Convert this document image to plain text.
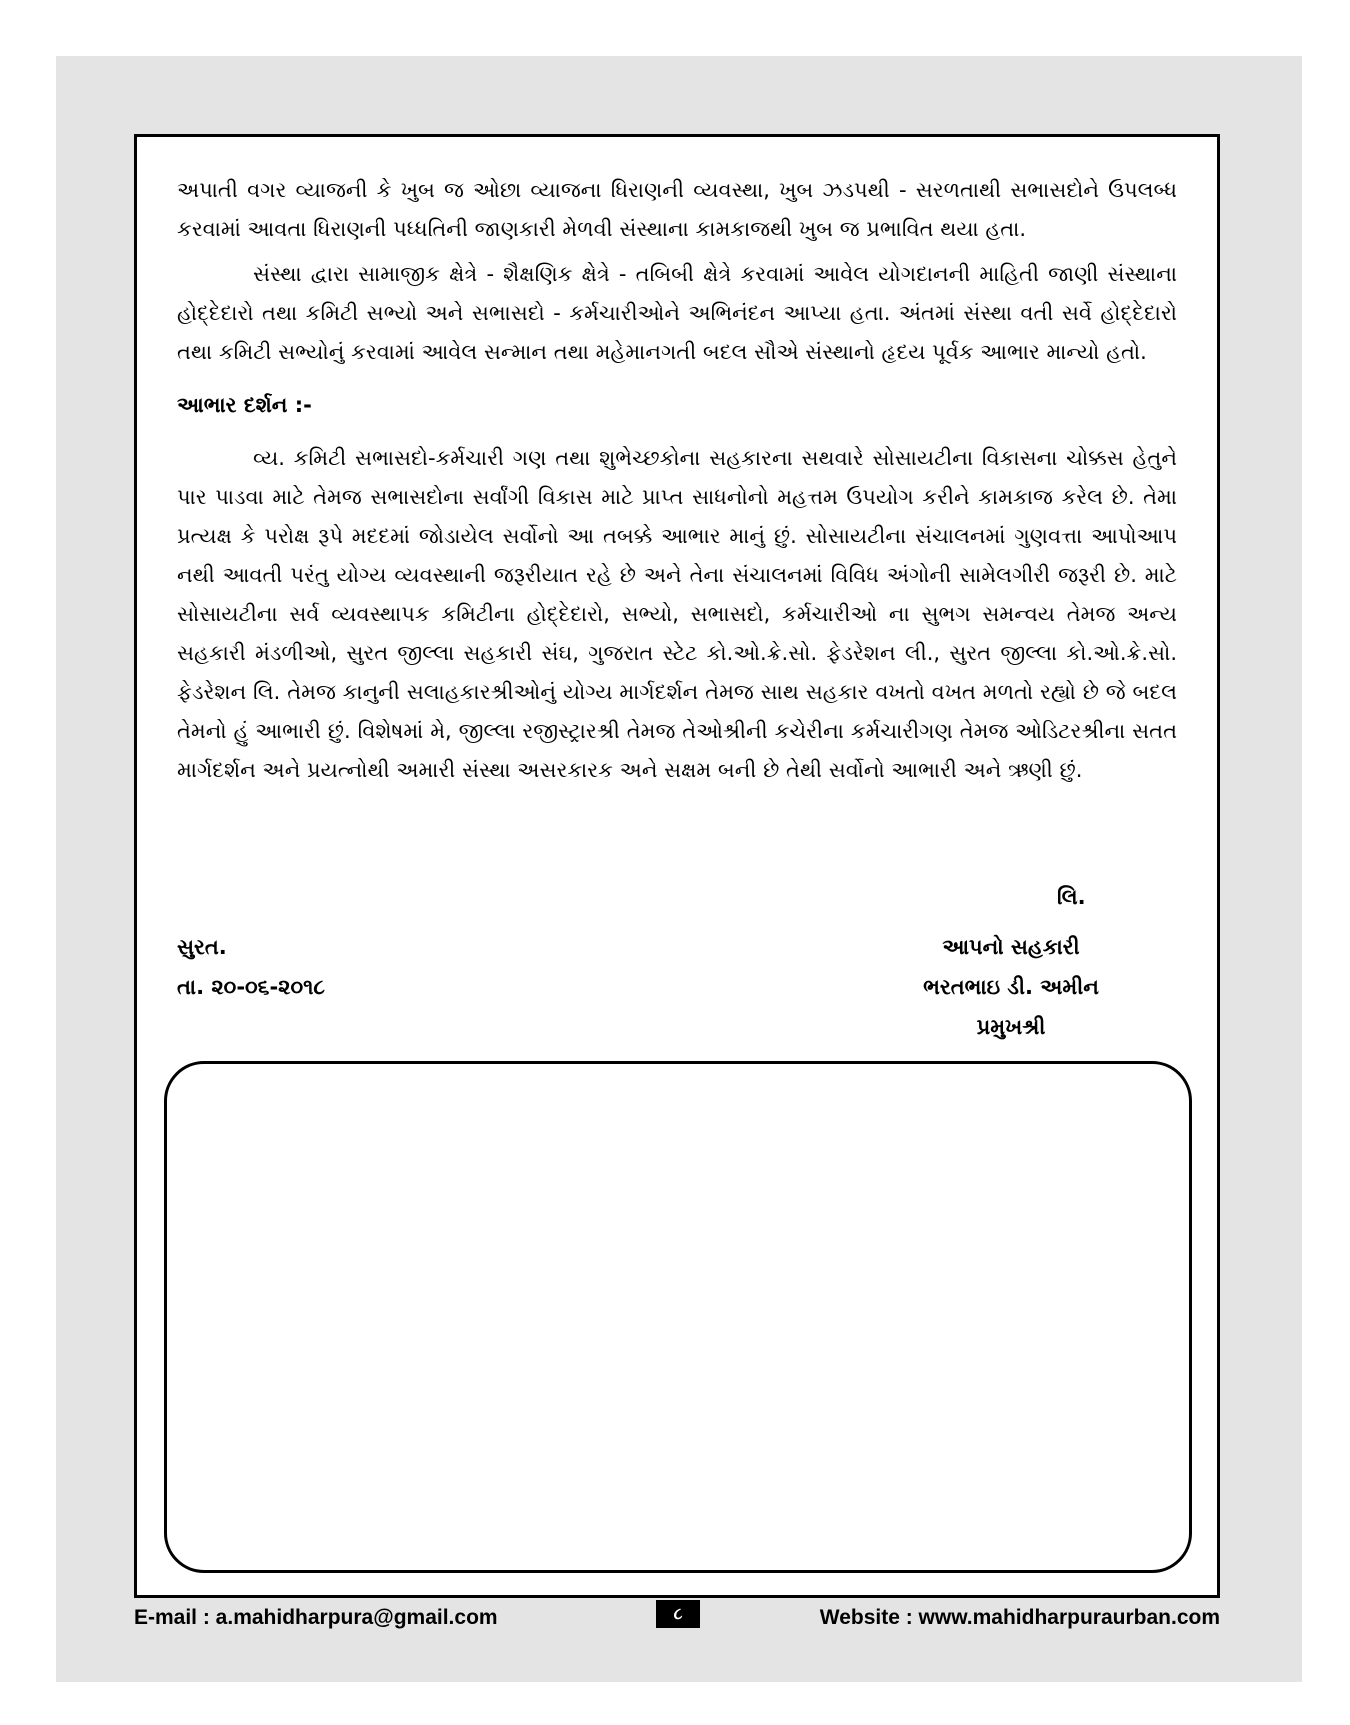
અપાતી વગર વ્યાજની કે ખુબ જ ઓછા વ્યાજના ધિરાણની વ્યવસ્થા, ખુબ ઝડપથી - સરળતાથી સભાસદોને ઉપલબ્ધ કરવામાં આવતા ધિરાણની પધ્ધતિની જાણકારી મેળવી સંસ્થાના કામકાજથી ખુબ જ પ્રભાવિત થયા હતા.

સંસ્થા દ્વારા સામાજીક ક્ષેત્રે - શૈક્ષણિક ક્ષેત્રે - તબિબી ક્ષેત્રે કરવામાં આવેલ યોગદાનની માહિતી જાણી સંસ્થાના હોદ્દેદારો તથા કમિટી સભ્યો અને સભાસદો - કર્મચારીઓને અભિનંદન આપ્યા હતા. અંતમાં સંસ્થા વતી સર્વે હોદ્દેદારો તથા કમિટી સભ્યોનું કરવામાં આવેલ સન્માન તથા મહેમાનગતી બદલ સૌએ સંસ્થાનો હૃદય પૂર્વક આભાર માન્યો હતો.

આભાર દર્શન :-

વ્ય. કમિટી સભાસદો-કર્મચારી ગણ તથા શુભેચ્છકોના સહકારના સથવારે સોસાયટીના વિકાસના ચોક્કસ હેતુને પાર પાડવા માટે તેમજ સભાસદોના સર્વાંગી વિકાસ માટે પ્રાપ્ત સાધનોનો મહત્તમ ઉપયોગ કરીને કામકાજ કરેલ છે. તેમા પ્રત્યક્ષ કે પરોક્ષ રૂપે મદદમાં જોડાયેલ સર્વોનો આ તબક્કે આભાર માનું છું. સોસાયટીના સંચાલનમાં ગુણવત્તા આપોઆપ નથી આવતી પરંતુ યોગ્ય વ્યવસ્થાની જરૂરીયાત રહે છે અને તેના સંચાલનમાં વિવિધ અંગોની સામેલગીરી જરૂરી છે. માટે સોસાયટીના સર્વ વ્યવસ્થાપક કમિટીના હોદ્દેદારો, સભ્યો, સભાસદો, કર્મચારીઓ ના સુભગ સમન્વય તેમજ અન્ય સહકારી મંડળીઓ, સુરત જીલ્લા સહકારી સંઘ, ગુજરાત સ્ટેટ કો.ઓ.ક્રે.સો. ફેડરેશન લી., સુરત જીલ્લા કો.ઓ.ક્રે.સો. ફેડરેશન લિ. તેમજ કાનુની સલાહકારશ્રીઓનું યોગ્ય માર્ગદર્શન તેમજ સાથ સહકાર વખતો વખત મળતો રહ્યો છે જે બદલ તેમનો હું આભારી છું. વિશેષમાં મે, જીલ્લા રજીસ્ટ્રારશ્રી તેમજ તેઓશ્રીની કચેરીના કર્મચારીગણ તેમજ ઓડિટરશ્રીના સતત માર્ગદર્શન અને પ્રયત્નોથી અમારી સંસ્થા અસરકારક અને સક્ષમ બની છે તેથી સર્વોનો આભારી અને ઋણી છું.

લિ.
સુરત.
તા. ૨૦-૦૬-૨૦૧૮
આપનો સહકારી
ભરતભાઇ ડી. અમીન
પ્રમુખશ્રી
E-mail : a.mahidharpura@gmail.com	૮	Website : www.mahidharpuraurban.com
